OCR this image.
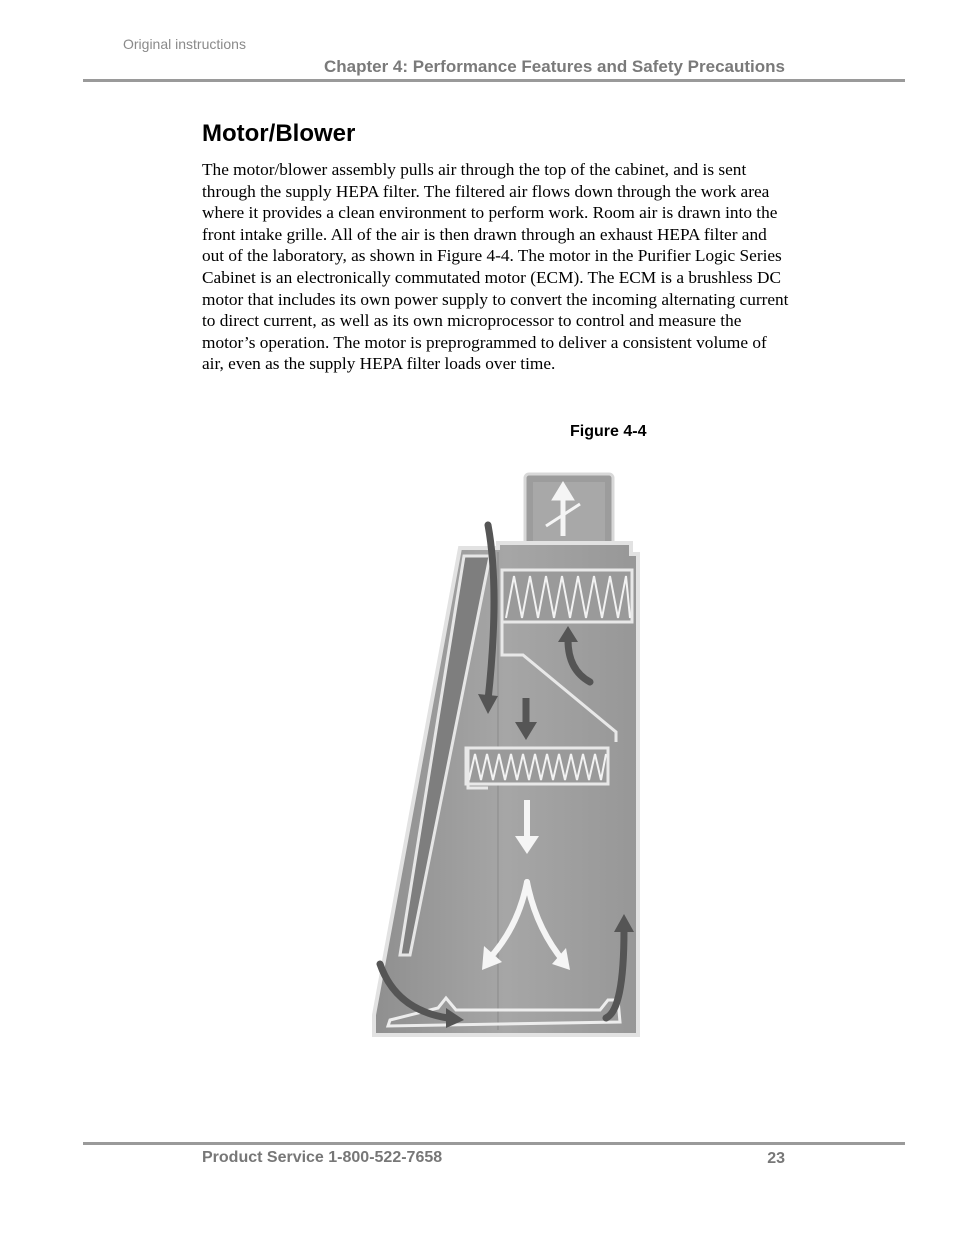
Original instructions
Chapter 4: Performance Features and Safety Precautions
Motor/Blower

The motor/blower assembly pulls air through the top of the cabinet, and is sent through the supply HEPA filter. The filtered air flows down through the work area where it provides a clean environment to perform work. Room air is drawn into the front intake grille. All of the air is then drawn through an exhaust HEPA filter and out of the laboratory, as shown in Figure 4-4. The motor in the Purifier Logic Series Cabinet is an electronically commutated motor (ECM). The ECM is a brushless DC motor that includes its own power supply to convert the incoming alternating current to direct current, as well as its own microprocessor to control and measure the motor’s operation. The motor is preprogrammed to deliver a consistent volume of air, even as the supply HEPA filter loads over time.

Figure 4-4
Product Service 1-800-522-7658	23
